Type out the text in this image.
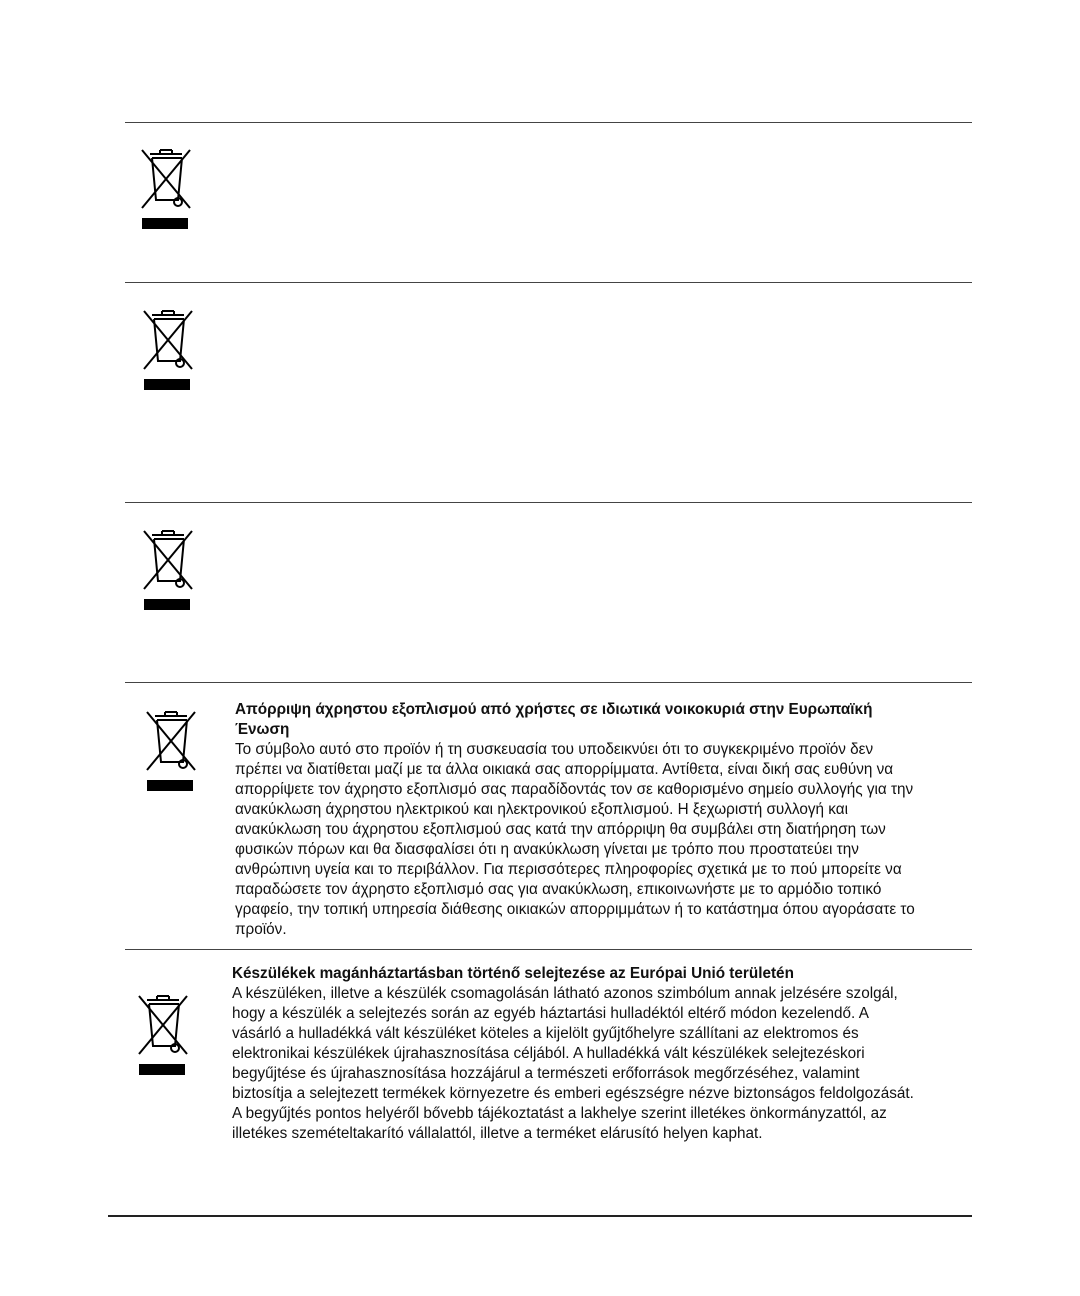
Απόρριψη άχρηστου εξοπλισμού από χρήστες σε ιδιωτικά νοικοκυριά στην Ευρωπαϊκή
Ένωση

Το σύμβολο αυτό στο προϊόν ή τη συσκευασία του υποδεικνύει ότι το συγκεκριμένο προϊόν δεν
πρέπει να διατίθεται μαζί με τα άλλα οικιακά σας απορρίμματα. Αντίθετα, είναι δική σας ευθύνη να
απορρίψετε τον άχρηστο εξοπλισμό σας παραδίδοντάς τον σε καθορισμένο σημείο συλλογής για την
ανακύκλωση άχρηστου ηλεκτρικού και ηλεκτρονικού εξοπλισμού. Η ξεχωριστή συλλογή και
ανακύκλωση του άχρηστου εξοπλισμού σας κατά την απόρριψη θα συμβάλει στη διατήρηση των
φυσικών πόρων και θα διασφαλίσει ότι η ανακύκλωση γίνεται με τρόπο που προστατεύει την
ανθρώπινη υγεία και το περιβάλλον. Για περισσότερες πληροφορίες σχετικά με το πού μπορείτε να
παραδώσετε τον άχρηστο εξοπλισμό σας για ανακύκλωση, επικοινωνήστε με το αρμόδιο τοπικό
γραφείο, την τοπική υπηρεσία διάθεσης οικιακών απορριμμάτων ή το κατάστημα όπου αγοράσατε το
προϊόν.

Készülékek magánháztartásban történő selejtezése az Európai Unió területén

A készüléken, illetve a készülék csomagolásán látható azonos szimbólum annak jelzésére szolgál,
hogy a készülék a selejtezés során az egyéb háztartási hulladéktól eltérő módon kezelendő. A
vásárló a hulladékká vált készüléket köteles a kijelölt gyűjtőhelyre szállítani az elektromos és
elektronikai készülékek újrahasznosítása céljából. A hulladékká vált készülékek selejtezéskori
begyűjtése és újrahasznosítása hozzájárul a természeti erőforrások megőrzéséhez, valamint
biztosítja a selejtezett termékek környezetre és emberi egészségre nézve biztonságos feldolgozását.
A begyűjtés pontos helyéről bővebb tájékoztatást a lakhelye szerint illetékes önkormányzattól, az
illetékes szemételtakarító vállalattól, illetve a terméket elárusító helyen kaphat.
